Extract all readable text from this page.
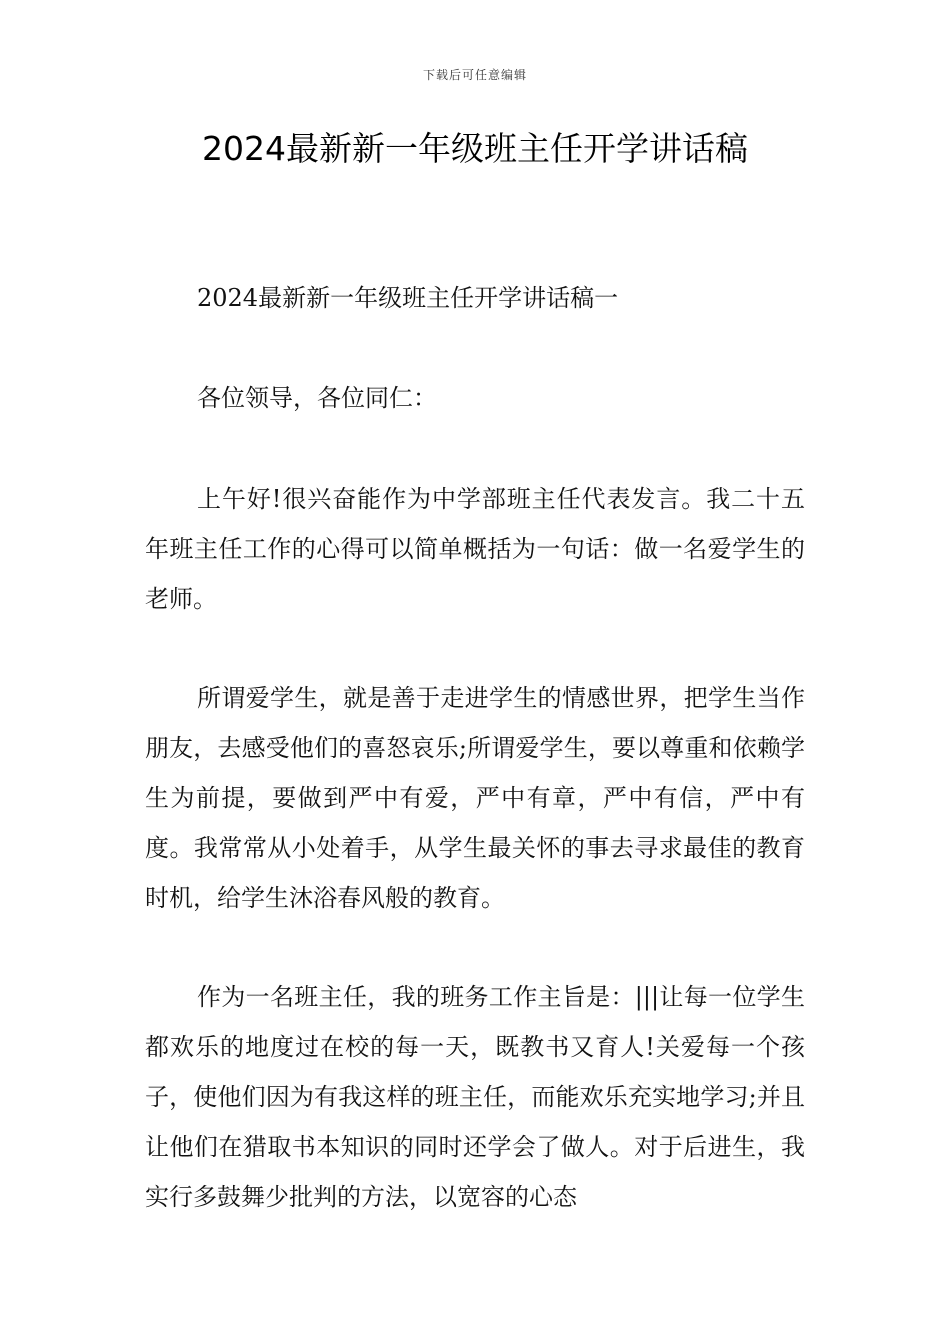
下载后可任意编辑
2024最新新一年级班主任开学讲话稿

2024最新新一年级班主任开学讲话稿一

各位领导，各位同仁：

上午好!很兴奋能作为中学部班主任代表发言。我二十五年班主任工作的心得可以简单概括为一句话：做一名爱学生的老师。

所谓爱学生，就是善于走进学生的情感世界，把学生当作朋友，去感受他们的喜怒哀乐;所谓爱学生，要以尊重和依赖学生为前提，要做到严中有爱，严中有章，严中有信，严中有度。我常常从小处着手，从学生最关怀的事去寻求最佳的教育时机，给学生沐浴春风般的教育。

作为一名班主任，我的班务工作主旨是：|||让每一位学生都欢乐的地度过在校的每一天，既教书又育人!关爱每一个孩子，使他们因为有我这样的班主任，而能欢乐充实地学习;并且让他们在猎取书本知识的同时还学会了做人。对于后进生，我实行多鼓舞少批判的方法，以宽容的心态
